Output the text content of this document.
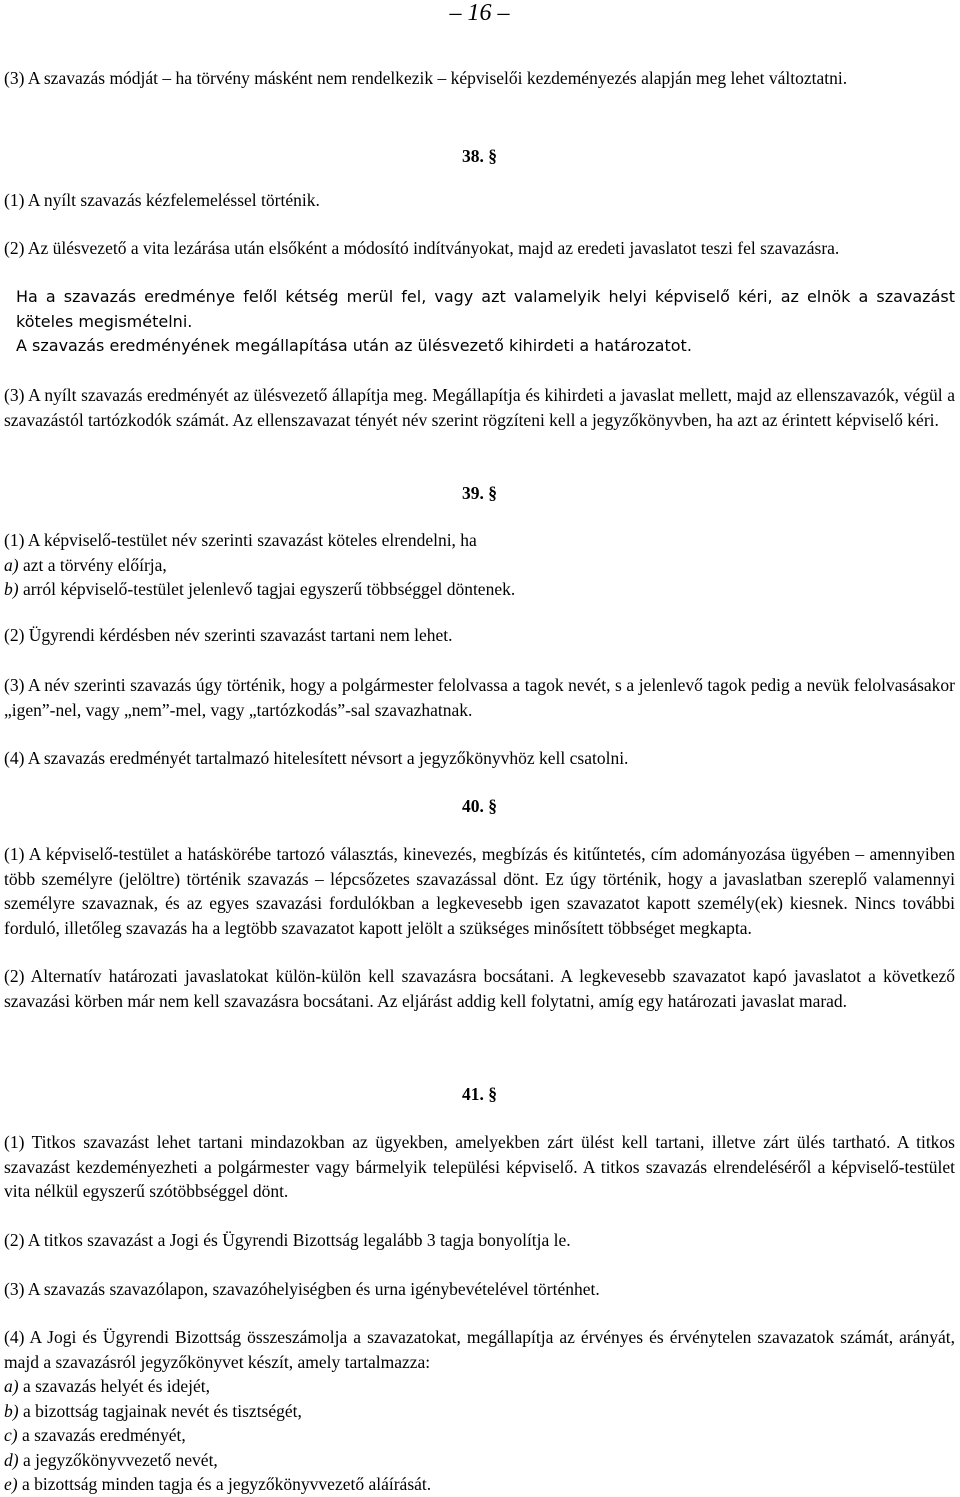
– 16 –

(3) A szavazás módját – ha törvény másként nem rendelkezik – képviselői kezdeményezés alapján meg lehet változtatni.

38. §

(1) A nyílt szavazás kézfelemeléssel történik.

(2) Az ülésvezető a vita lezárása után elsőként a módosító indítványokat, majd az eredeti javaslatot teszi fel szavazásra.

Ha a szavazás eredménye felől kétség merül fel, vagy azt valamelyik helyi képviselő kéri, az elnök a szavazást köteles megismételni.

A szavazás eredményének megállapítása után az ülésvezető kihirdeti a határozatot.

(3) A nyílt szavazás eredményét az ülésvezető állapítja meg. Megállapítja és kihirdeti a javaslat mellett, majd az ellenszavazók, végül a szavazástól tartózkodók számát. Az ellenszavazat tényét név szerint rögzíteni kell a jegyzőkönyvben, ha azt az érintett képviselő kéri.

39. §

(1) A képviselő-testület név szerinti szavazást köteles elrendelni, ha
a) azt a törvény előírja,
b) arról képviselő-testület jelenlevő tagjai egyszerű többséggel döntenek.

(2) Ügyrendi kérdésben név szerinti szavazást tartani nem lehet.

(3) A név szerinti szavazás úgy történik, hogy a polgármester felolvassa a tagok nevét, s a jelenlevő tagok pedig a nevük felolvasásakor „igen”-nel, vagy „nem”-mel, vagy „tartózkodás”-sal szavazhatnak.

(4) A szavazás eredményét tartalmazó hitelesített névsort a jegyzőkönyvhöz kell csatolni.

40. §

(1) A képviselő-testület a hatáskörébe tartozó választás, kinevezés, megbízás és kitűntetés, cím adományozása ügyében – amennyiben több személyre (jelöltre) történik szavazás – lépcsőzetes szavazással dönt. Ez úgy történik, hogy a javaslatban szereplő valamennyi személyre szavaznak, és az egyes szavazási fordulókban a legkevesebb igen szavazatot kapott személy(ek) kiesnek. Nincs további forduló, illetőleg szavazás ha a legtöbb szavazatot kapott jelölt a szükséges minősített többséget megkapta.

(2) Alternatív határozati javaslatokat külön-külön kell szavazásra bocsátani. A legkevesebb szavazatot kapó javaslatot a következő szavazási körben már nem kell szavazásra bocsátani. Az eljárást addig kell folytatni, amíg egy határozati javaslat marad.

41. §

(1) Titkos szavazást lehet tartani mindazokban az ügyekben, amelyekben zárt ülést kell tartani, illetve zárt ülés tartható. A titkos szavazást kezdeményezheti a polgármester vagy bármelyik települési képviselő. A titkos szavazás elrendeléséről a képviselő-testület vita nélkül egyszerű szótöbbséggel dönt.

(2) A titkos szavazást a Jogi és Ügyrendi Bizottság legalább 3 tagja bonyolítja le.

(3) A szavazás szavazólapon, szavazóhelyiségben és urna igénybevételével történhet.

(4) A Jogi és Ügyrendi Bizottság összeszámolja a szavazatokat, megállapítja az érvényes és érvénytelen szavazatok számát, arányát, majd a szavazásról jegyzőkönyvet készít, amely tartalmazza:
a) a szavazás helyét és idejét,
b) a bizottság tagjainak nevét és tisztségét,
c) a szavazás eredményét,
d) a jegyzőkönyvvezető nevét,
e) a bizottság minden tagja és a jegyzőkönyvvezető aláírását.
